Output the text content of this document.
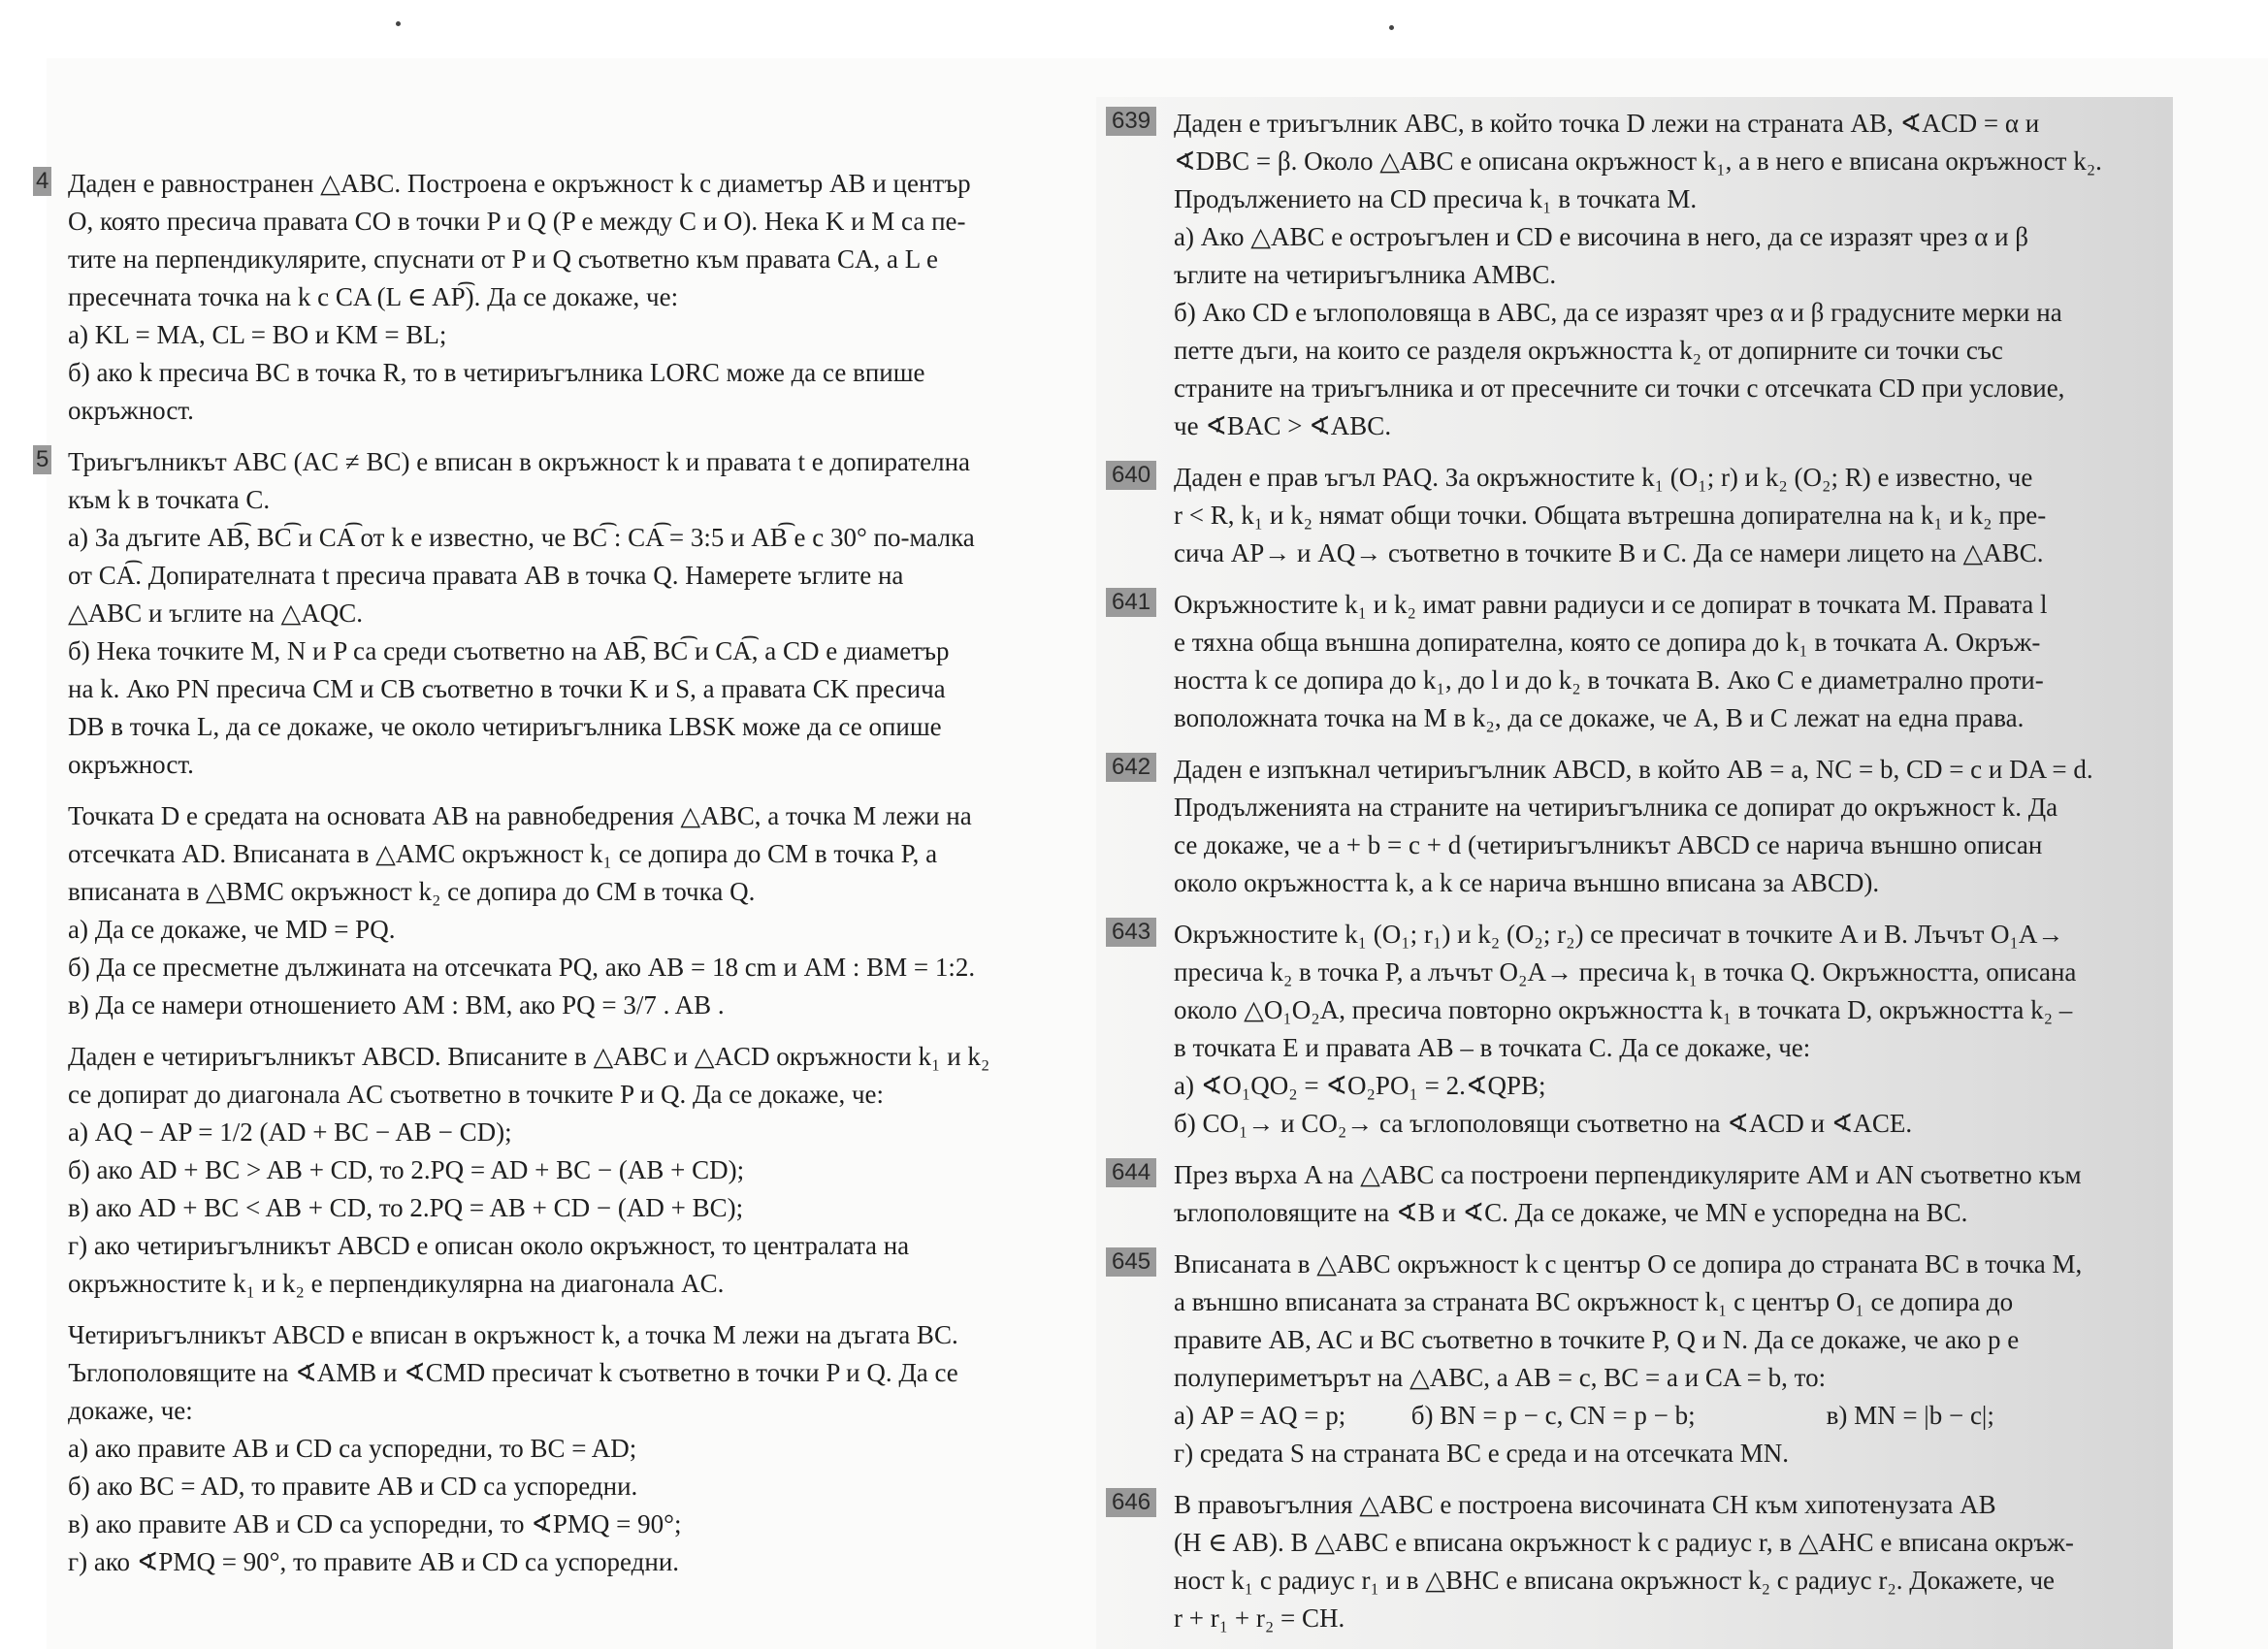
4 Даден е равностранен △ABC. Построена е окръжност k с диаметър AB и център
O, която пресича правата CO в точки P и Q (P е между C и O). Нека K и M са пе-
тите на перпендикулярите, спуснати от P и Q съответно към правата CA, а L е
пресечната точка на k с CA (L ∈ AP͡). Да се докаже, че:
а) KL = MA, CL = BO и KM = BL;
б) ако k пресича BC в точка R, то в четириъгълника LORC може да се впише
окръжност.
5 Триъгълникът ABC (AC ≠ BC) е вписан в окръжност k и правата t е допирателна
към k в точката C.
а) За дъгите AB͡, BC͡ и CA͡ от k е известно, че BC͡ : CA͡ = 3:5 и AB͡ е с 30° по-малка
от CA͡. Допирателната t пресича правата AB в точка Q. Намерете ъглите на
△ABC и ъглите на △AQC.
б) Нека точките M, N и P са среди съответно на AB͡, BC͡ и CA͡, а CD е диаметър
на k. Ако PN пресича CM и CB съответно в точки K и S, а правата CK пресича
DB в точка L, да се докаже, че около четириъгълника LBSK може да се опише
окръжност.
Точката D е средата на основата AB на равнобедрения △ABC, а точка M лежи на
отсечката AD. Вписаната в △AMC окръжност k₁ се допира до CM в точка P, а
вписаната в △BMC окръжност k₂ се допира до CM в точка Q.
а) Да се докаже, че MD = PQ.
б) Да се пресметне дължината на отсечката PQ, ако AB = 18 cm и AM : BM = 1:2.
в) Да се намери отношението AM : BM, ако PQ = 3/7 . AB .
Даден е четириъгълникът ABCD. Вписаните в △ABC и △ACD окръжности k₁ и k₂
се допират до диагонала AC съответно в точките P и Q. Да се докаже, че:
а) AQ − AP = 1/2 (AD + BC − AB − CD);
б) ако AD + BC > AB + CD, то 2.PQ = AD + BC − (AB + CD);
в) ако AD + BC < AB + CD, то 2.PQ = AB + CD − (AD + BC);
г) ако четириъгълникът ABCD е описан около окръжност, то централата на
окръжностите k₁ и k₂ е перпендикулярна на диагонала AC.
Четириъгълникът ABCD е вписан в окръжност k, а точка M лежи на дъгата BC.
Ъглополовящите на ∢AMB и ∢CMD пресичат k съответно в точки P и Q. Да се
докаже, че:
а) ако правите AB и CD са успоредни, то BC = AD;
б) ако BC = AD, то правите AB и CD са успоредни.
в) ако правите AB и CD са успоредни, то ∢PMQ = 90°;
г) ако ∢PMQ = 90°, то правите AB и CD са успоредни.
639 Даден е триъгълник ABC, в който точка D лежи на страната AB, ∢ACD = α и
∢DBC = β. Около △ABC е описана окръжност k₁, а в него е вписана окръжност k₂.
Продължението на CD пресича k₁ в точката M.
а) Ако △ABC е остроъгълен и CD е височина в него, да се изразят чрез α и β
ъглите на четириъгълника AMBC.
б) Ако CD е ъглополовяща в ABC, да се изразят чрез α и β градусните мерки на
петте дъги, на които се разделя окръжността k₂ от допирните си точки със
страните на триъгълника и от пресечните си точки с отсечката CD при условие,
че ∢BAC > ∢ABC.
640 Даден е прав ъгъл PAQ. За окръжностите k₁ (O₁; r) и k₂ (O₂; R) е известно, че
r < R, k₁ и k₂ нямат общи точки. Общата вътрешна допирателна на k₁ и k₂ пре-
сича AP→ и AQ→ съответно в точките B и C. Да се намери лицето на △ABC.
641 Окръжностите k₁ и k₂ имат равни радиуси и се допират в точката M. Правата l
е тяхна обща външна допирателна, която се допира до k₁ в точката A. Окръж-
ността k се допира до k₁, до l и до k₂ в точката B. Ако C е диаметрално проти-
воположната точка на M в k₂, да се докаже, че A, B и C лежат на една права.
642 Даден е изпъкнал четириъгълник ABCD, в който AB = a, NC = b, CD = c и DA = d.
Продълженията на страните на четириъгълника се допират до окръжност k. Да
се докаже, че a + b = c + d (четириъгълникът ABCD се нарича външно описан
около окръжността k, а k се нарича външно вписана за ABCD).
643 Окръжностите k₁ (O₁; r₁) и k₂ (O₂; r₂) се пресичат в точките A и B. Лъчът O₁A→
пресича k₂ в точка P, а лъчът O₂A→ пресича k₁ в точка Q. Окръжността, описана
около △O₁O₂A, пресича повторно окръжността k₁ в точката D, окръжността k₂ –
в точката E и правата AB – в точката C. Да се докаже, че:
а) ∢O₁QO₂ = ∢O₂PO₁ = 2.∢QPB;
б) CO₁→ и CO₂→ са ъглополовящи съответно на ∢ACD и ∢ACE.
644 През върха A на △ABC са построени перпендикулярите AM и AN съответно към
ъглополовящите на ∢B и ∢C. Да се докаже, че MN е успоредна на BC.
645 Вписаната в △ABC окръжност k с център O се допира до страната BC в точка M,
а външно вписаната за страната BC окръжност k₁ с център O₁ се допира до
правите AB, AC и BC съответно в точките P, Q и N. Да се докаже, че ако p е
полупериметърът на △ABC, а AB = c, BC = a и CA = b, то:
а) AP = AQ = p;          б) BN = p − c, CN = p − b;                    в) MN = |b − c|;
г) средата S на страната BC е среда и на отсечката MN.
646 В правоъгълния △ABC е построена височината CH към хипотенузата AB
(H ∈ AB). В △ABC е вписана окръжност k с радиус r, в △AHC е вписана окръж-
ност k₁ с радиус r₁ и в △BHC е вписана окръжност k₂ с радиус r₂. Докажете, че
r + r₁ + r₂ = CH.
